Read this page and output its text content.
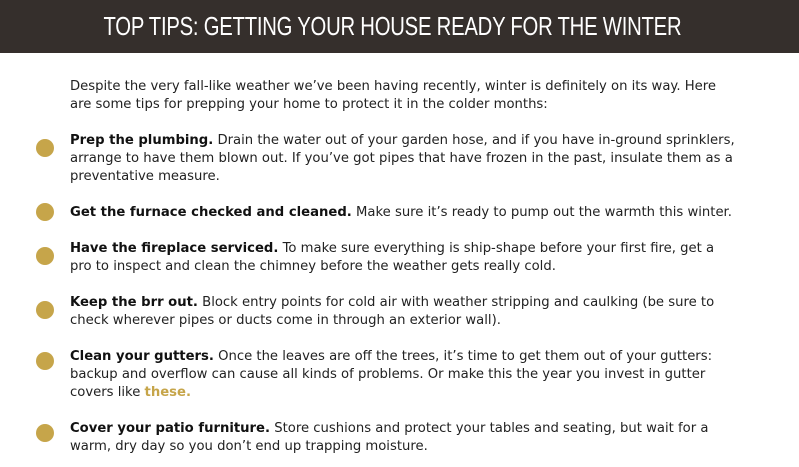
TOP TIPS: GETTING YOUR HOUSE READY FOR THE WINTER
Despite the very fall-like weather we’ve been having recently, winter is definitely on its way. Here are some tips for prepping your home to protect it in the colder months:
Prep the plumbing. Drain the water out of your garden hose, and if you have in-ground sprinklers, arrange to have them blown out. If you’ve got pipes that have frozen in the past, insulate them as a preventative measure.
Get the furnace checked and cleaned. Make sure it’s ready to pump out the warmth this winter.
Have the fireplace serviced. To make sure everything is ship-shape before your first fire, get a pro to inspect and clean the chimney before the weather gets really cold.
Keep the brr out. Block entry points for cold air with weather stripping and caulking (be sure to check wherever pipes or ducts come in through an exterior wall).
Clean your gutters. Once the leaves are off the trees, it’s time to get them out of your gutters: backup and overflow can cause all kinds of problems. Or make this the year you invest in gutter covers like these.
Cover your patio furniture. Store cushions and protect your tables and seating, but wait for a warm, dry day so you don’t end up trapping moisture.
